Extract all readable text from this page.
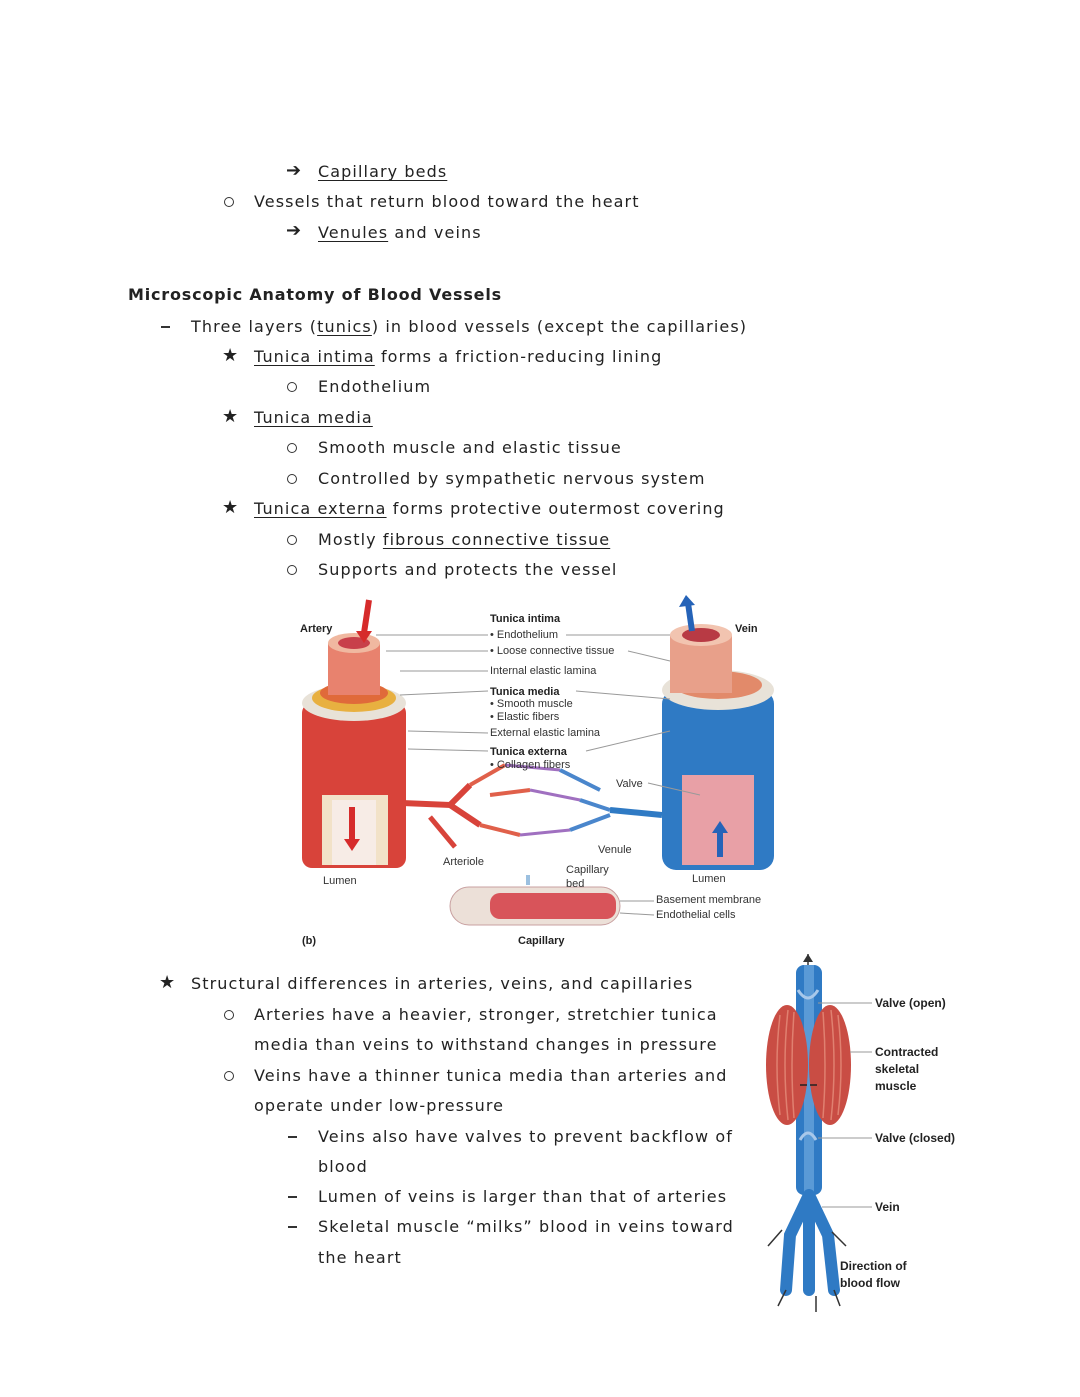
➔ Capillary beds
Vessels that return blood toward the heart
➔ Venules and veins
Microscopic Anatomy of Blood Vessels
Three layers (tunics) in blood vessels (except the capillaries)
★ Tunica intima forms a friction-reducing lining
Endothelium
★ Tunica media
Smooth muscle and elastic tissue
Controlled by sympathetic nervous system
★ Tunica externa forms protective outermost covering
Mostly fibrous connective tissue
Supports and protects the vessel
Artery	Vein
Tunica intima
• Endothelium
• Loose connective tissue
Internal elastic lamina
Tunica media
• Smooth muscle
• Elastic fibers
External elastic lamina
Tunica externa
• Collagen fibers
Valve
Venule
Arteriole
Capillary
bed
Lumen	Lumen
Basement membrane
Endothelial cells
Capillary
(b)
★ Structural differences in arteries, veins, and capillaries
Arteries have a heavier, stronger, stretchier tunica
media than veins to withstand changes in pressure
Veins have a thinner tunica media than arteries and
operate under low-pressure
Veins also have valves to prevent backflow of
blood
Lumen of veins is larger than that of arteries
Skeletal muscle “milks” blood in veins toward
the heart
Valve (open)
Contracted
skeletal
muscle
Valve (closed)
Vein
Direction of
blood flow
